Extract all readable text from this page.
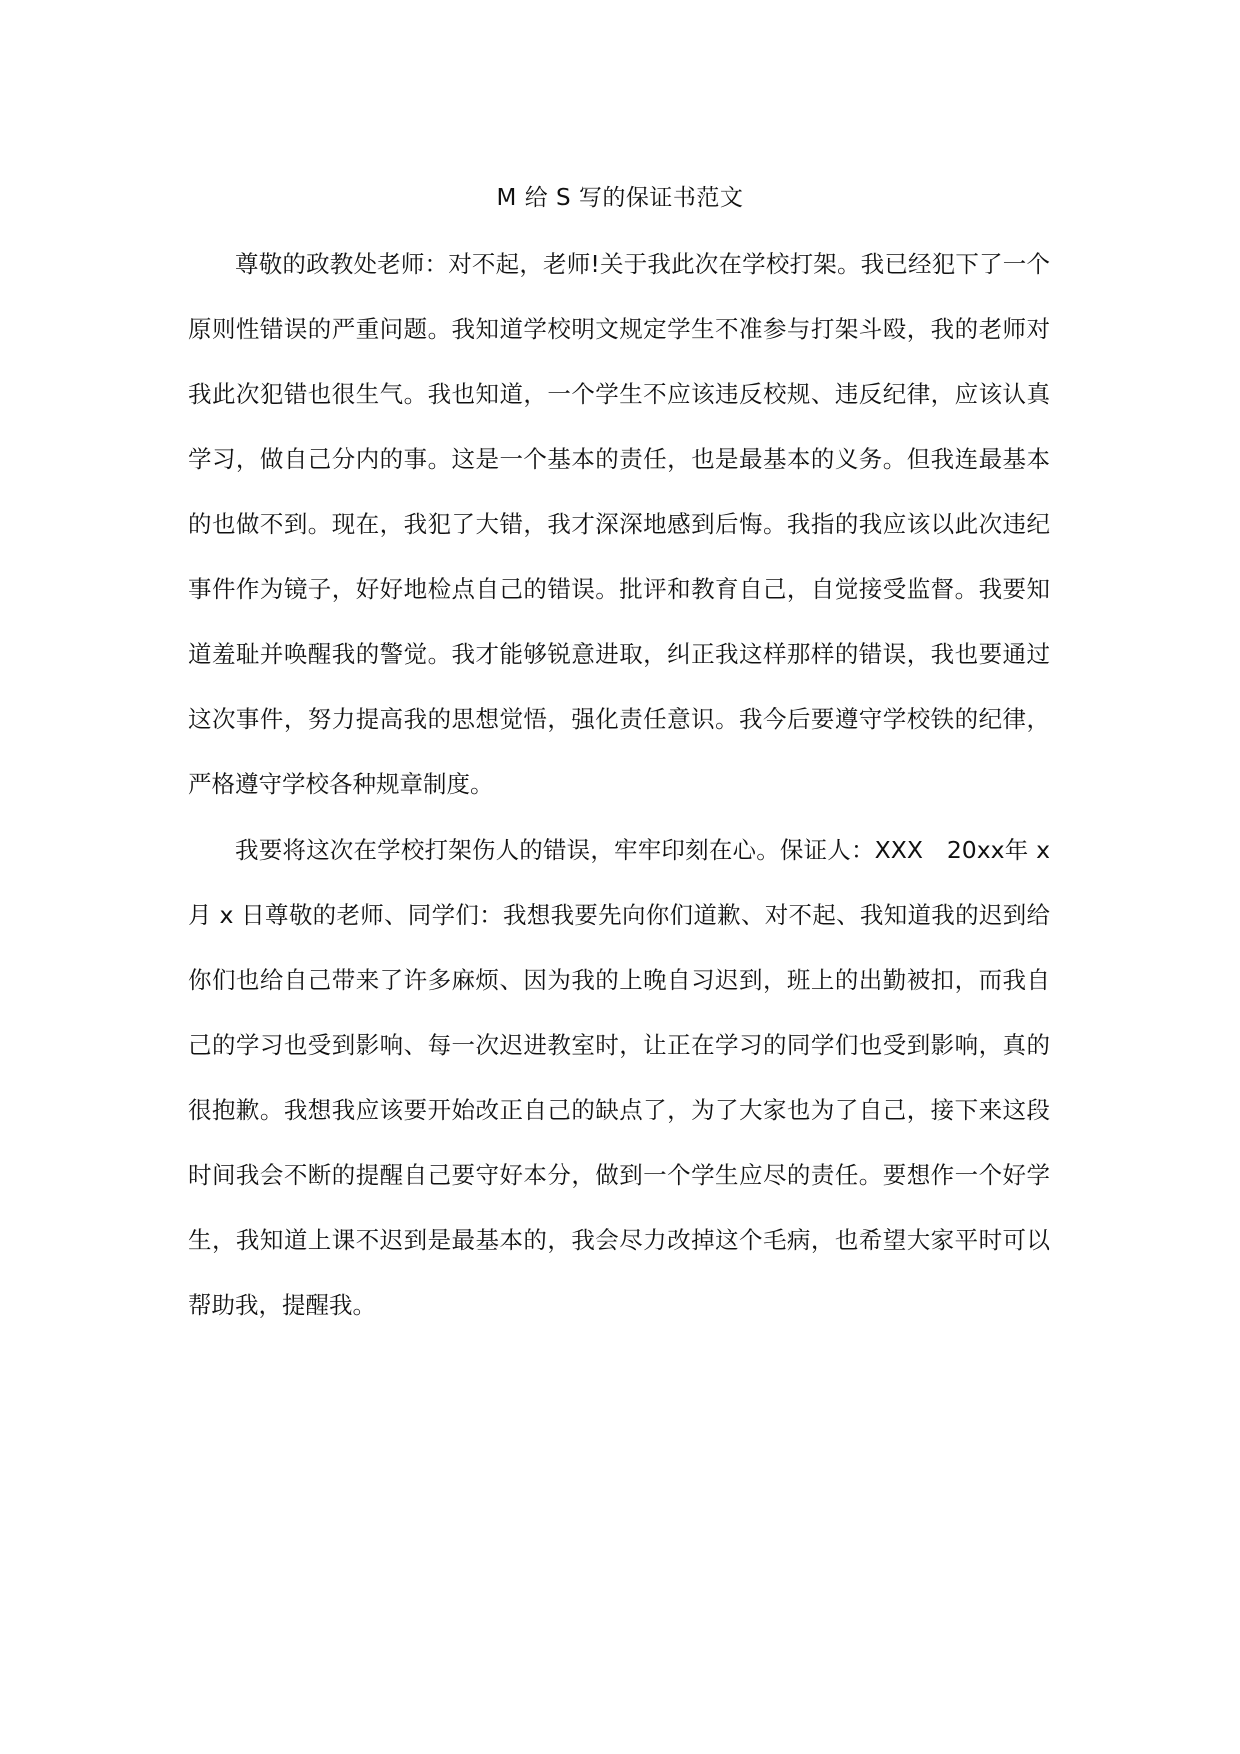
M 给 S 写的保证书范文

尊敬的政教处老师：对不起，老师!关于我此次在学校打架。我已经犯下了一个原则性错误的严重问题。我知道学校明文规定学生不准参与打架斗殴，我的老师对我此次犯错也很生气。我也知道，一个学生不应该违反校规、违反纪律，应该认真学习，做自己分内的事。这是一个基本的责任，也是最基本的义务。但我连最基本的也做不到。现在，我犯了大错，我才深深地感到后悔。我指的我应该以此次违纪事件作为镜子，好好地检点自己的错误。批评和教育自己，自觉接受监督。我要知道羞耻并唤醒我的警觉。我才能够锐意进取，纠正我这样那样的错误，我也要通过这次事件，努力提高我的思想觉悟，强化责任意识。我今后要遵守学校铁的纪律，严格遵守学校各种规章制度。

我要将这次在学校打架伤人的错误，牢牢印刻在心。保证人：XXX　20xx年 x 月 x 日尊敬的老师、同学们：我想我要先向你们道歉、对不起、我知道我的迟到给你们也给自己带来了许多麻烦、因为我的上晚自习迟到，班上的出勤被扣，而我自己的学习也受到影响、每一次迟进教室时，让正在学习的同学们也受到影响，真的很抱歉。我想我应该要开始改正自己的缺点了，为了大家也为了自己，接下来这段时间我会不断的提醒自己要守好本分，做到一个学生应尽的责任。要想作一个好学生，我知道上课不迟到是最基本的，我会尽力改掉这个毛病，也希望大家平时可以帮助我，提醒我。
